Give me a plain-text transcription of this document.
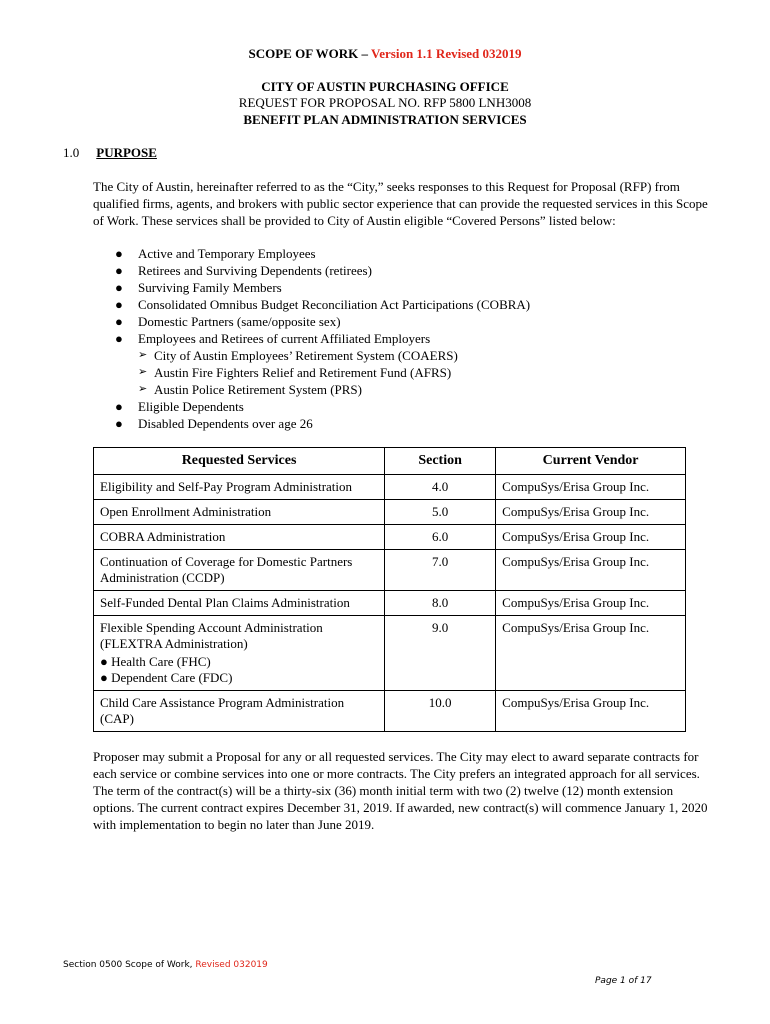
SCOPE OF WORK – Version 1.1 Revised 032019
CITY OF AUSTIN PURCHASING OFFICE
REQUEST FOR PROPOSAL NO. RFP 5800 LNH3008
BENEFIT PLAN ADMINISTRATION SERVICES
1.0 PURPOSE
The City of Austin, hereinafter referred to as the “City,” seeks responses to this Request for Proposal (RFP) from qualified firms, agents, and brokers with public sector experience that can provide the requested services in this Scope of Work. These services shall be provided to City of Austin eligible “Covered Persons” listed below:
● Active and Temporary Employees
● Retirees and Surviving Dependents (retirees)
● Surviving Family Members
● Consolidated Omnibus Budget Reconciliation Act Participations (COBRA)
● Domestic Partners (same/opposite sex)
● Employees and Retirees of current Affiliated Employers
➢ City of Austin Employees’ Retirement System (COAERS)
➢ Austin Fire Fighters Relief and Retirement Fund (AFRS)
➢ Austin Police Retirement System (PRS)
● Eligible Dependents
● Disabled Dependents over age 26
Requested Services	Section	Current Vendor
Eligibility and Self-Pay Program Administration	4.0	CompuSys/Erisa Group Inc.
Open Enrollment Administration	5.0	CompuSys/Erisa Group Inc.
COBRA Administration	6.0	CompuSys/Erisa Group Inc.
Continuation of Coverage for Domestic Partners Administration (CCDP)	7.0	CompuSys/Erisa Group Inc.
Self-Funded Dental Plan Claims Administration	8.0	CompuSys/Erisa Group Inc.

Flexible Spending Account Administration (FLEXTRA Administration)
● Health Care (FHC)
● Dependent Care (FDC)	9.0	CompuSys/Erisa Group Inc.
Child Care Assistance Program Administration (CAP)	10.0	CompuSys/Erisa Group Inc.
Proposer may submit a Proposal for any or all requested services. The City may elect to award separate contracts for each service or combine services into one or more contracts. The City prefers an integrated approach for all services. The term of the contract(s) will be a thirty-six (36) month initial term with two (2) twelve (12) month extension options. The current contract expires December 31, 2019. If awarded, new contract(s) will commence January 1, 2020 with implementation to begin no later than June 2019.
Section 0500 Scope of Work, Revised 032019
Page 1 of 17
